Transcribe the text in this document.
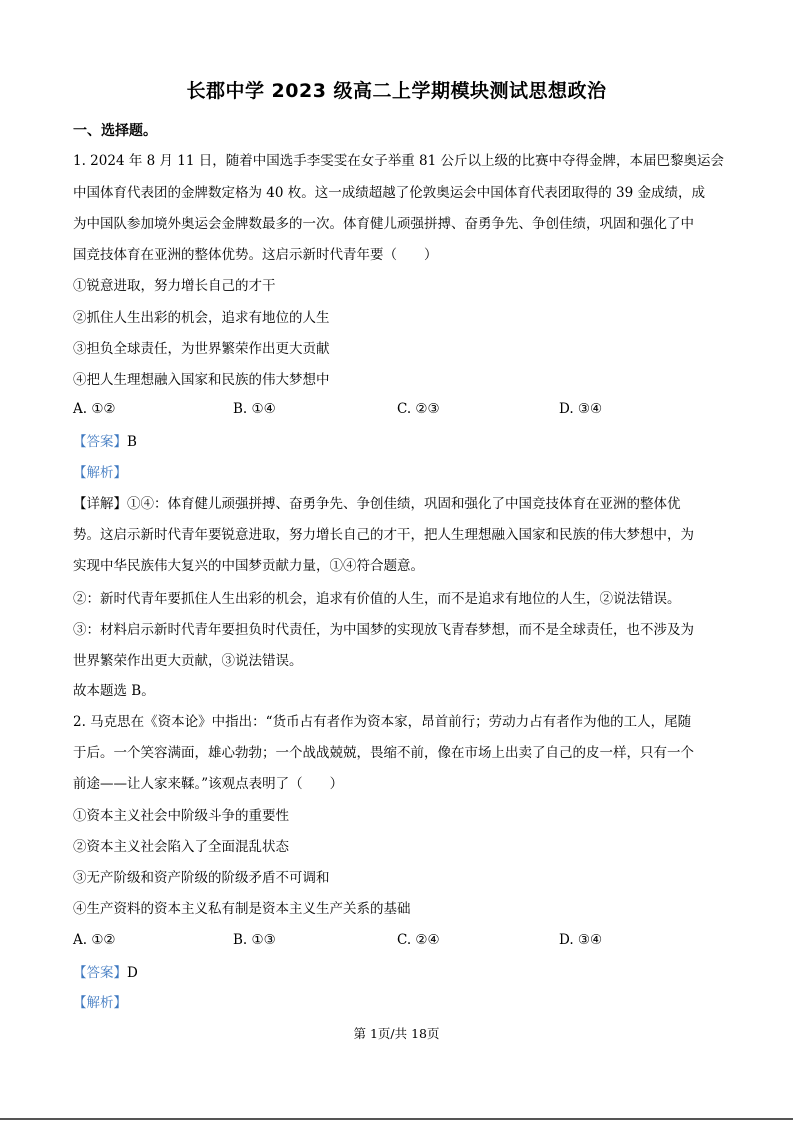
长郡中学 2023 级高二上学期模块测试思想政治
一、选择题。
1. 2024 年 8 月 11 日，随着中国选手李雯雯在女子举重 81 公斤以上级的比赛中夺得金牌，本届巴黎奥运会
中国体育代表团的金牌数定格为 40 枚。这一成绩超越了伦敦奥运会中国体育代表团取得的 39 金成绩，成
为中国队参加境外奥运会金牌数最多的一次。体育健儿顽强拼搏、奋勇争先、争创佳绩，巩固和强化了中
国竞技体育在亚洲的整体优势。这启示新时代青年要（　　）
①锐意进取，努力增长自己的才干
②抓住人生出彩的机会，追求有地位的人生
③担负全球责任，为世界繁荣作出更大贡献
④把人生理想融入国家和民族的伟大梦想中
A. ①②	B. ①④	C. ②③	D. ③④
【答案】B
【解析】
【详解】①④：体育健儿顽强拼搏、奋勇争先、争创佳绩，巩固和强化了中国竞技体育在亚洲的整体优
势。这启示新时代青年要锐意进取，努力增长自己的才干，把人生理想融入国家和民族的伟大梦想中，为
实现中华民族伟大复兴的中国梦贡献力量，①④符合题意。
②：新时代青年要抓住人生出彩的机会，追求有价值的人生，而不是追求有地位的人生，②说法错误。
③：材料启示新时代青年要担负时代责任，为中国梦的实现放飞青春梦想，而不是全球责任，也不涉及为
世界繁荣作出更大贡献，③说法错误。
故本题选 B。
2. 马克思在《资本论》中指出：“货币占有者作为资本家，昂首前行；劳动力占有者作为他的工人，尾随
于后。一个笑容满面，雄心勃勃；一个战战兢兢，畏缩不前，像在市场上出卖了自己的皮一样，只有一个
前途——让人家来鞣。”该观点表明了（　　）
①资本主义社会中阶级斗争的重要性
②资本主义社会陷入了全面混乱状态
③无产阶级和资产阶级的阶级矛盾不可调和
④生产资料的资本主义私有制是资本主义生产关系的基础
A. ①②	B. ①③	C. ②④	D. ③④
【答案】D
【解析】
第 1页/共 18页
